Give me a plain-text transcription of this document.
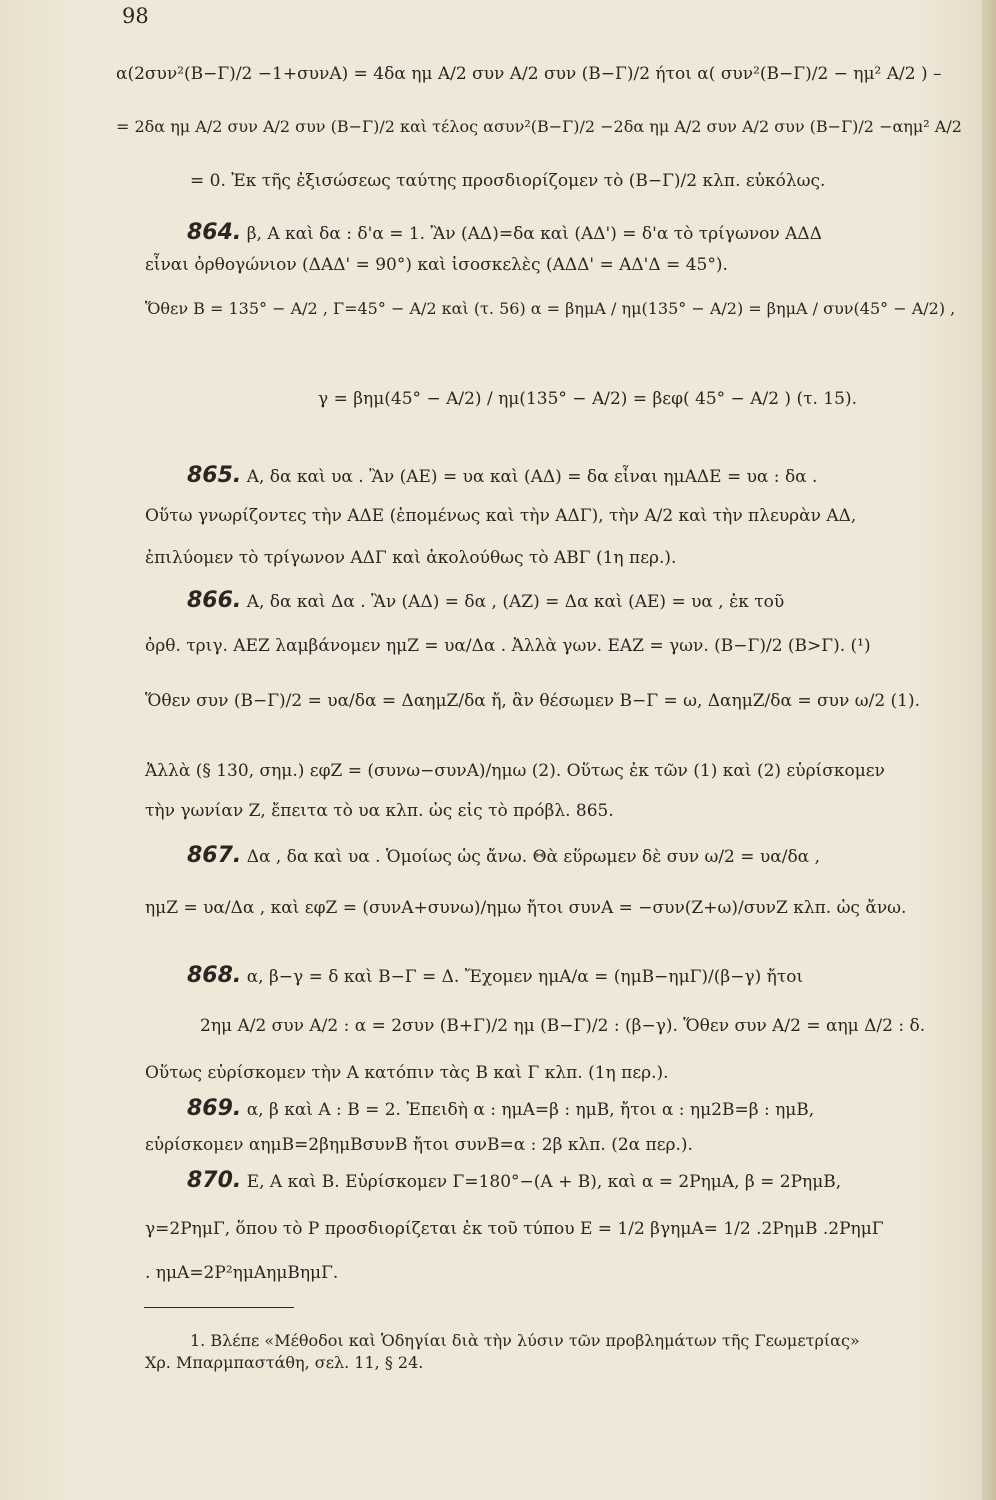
98
α(2συν²(Β−Γ)/2 −1+συνΑ) = 4δα ημ Α/2 συν Α/2 συν (Β−Γ)/2 ήτοι α( συν²(Β−Γ)/2 − ημ² Α/2 ) –
= 2δα ημ Α/2 συν Α/2 συν (Β−Γ)/2 καὶ τέλος ασυν²(Β−Γ)/2 −2δα ημ Α/2 συν Α/2 συν (Β−Γ)/2 −αημ² Α/2
= 0. Ἐκ τῆς ἐξισώσεως ταύτης προσδιορίζομεν τὸ (Β−Γ)/2 κλπ. εὐκόλως.
864. β, Α καὶ δα : δ'α = 1. Ἂν (ΑΔ)=δα καὶ (ΑΔ') = δ'α τὸ τρίγωνον ΑΔΔ
εἶναι ὀρθογώνιον (ΔΑΔ' = 90°) καὶ ἰσοσκελὲς (ΑΔΔ' = ΑΔ'Δ = 45°).
Ὅθεν Β = 135° − Α/2 , Γ=45° − Α/2 καὶ (τ. 56) α = βημΑ / ημ(135° − Α/2) = βημΑ / συν(45° − Α/2) ,
γ = βημ(45° − Α/2) / ημ(135° − Α/2) = βεφ( 45° − Α/2 ) (τ. 15).
865. Α, δα καὶ υα . Ἂν (ΑΕ) = υα καὶ (ΑΔ) = δα εἶναι ημΑΔΕ = υα : δα .
Οὕτω γνωρίζοντες τὴν ΑΔΕ (ἑπομένως καὶ τὴν ΑΔΓ), τὴν Α/2 καὶ τὴν πλευρὰν ΑΔ,
ἐπιλύομεν τὸ τρίγωνον ΑΔΓ καὶ ἀκολούθως τὸ ΑΒΓ (1η περ.).
866. Α, δα καὶ Δα . Ἂν (ΑΔ) = δα , (ΑΖ) = Δα καὶ (ΑΕ) = υα , ἐκ τοῦ
ὀρθ. τριγ. ΑΕΖ λαμβάνομεν ημΖ = υα/Δα . Ἀλλὰ γων. ΕΑΖ = γων. (Β−Γ)/2 (Β>Γ). (¹)
Ὅθεν συν (Β−Γ)/2 = υα/δα = ΔαημΖ/δα ἤ, ἂν θέσωμεν Β−Γ = ω, ΔαημΖ/δα = συν ω/2 (1).
Ἀλλὰ (§ 130, σημ.) εφΖ = (συνω−συνΑ)/ημω (2). Οὕτως ἐκ τῶν (1) καὶ (2) εὑρίσκομεν
τὴν γωνίαν Ζ, ἔπειτα τὸ υα κλπ. ὡς εἰς τὸ πρόβλ. 865.
867. Δα , δα καὶ υα . Ὁμοίως ὡς ἄνω. Θὰ εὕρωμεν δὲ συν ω/2 = υα/δα ,
ημΖ = υα/Δα , καὶ εφΖ = (συνΑ+συνω)/ημω ἤτοι συνΑ = −συν(Ζ+ω)/συνΖ κλπ. ὡς ἄνω.
868. α, β−γ = δ καὶ Β−Γ = Δ. Ἔχομεν ημΑ/α = (ημΒ−ημΓ)/(β−γ) ἤτοι
2ημ Α/2 συν Α/2 : α = 2συν (Β+Γ)/2 ημ (Β−Γ)/2 : (β−γ). Ὅθεν συν Α/2 = αημ Δ/2 : δ.
Οὕτως εὑρίσκομεν τὴν Α κατόπιν τὰς Β καὶ Γ κλπ. (1η περ.).
869. α, β καὶ Α : Β = 2. Ἐπειδὴ α : ημΑ=β : ημΒ, ἤτοι α : ημ2Β=β : ημΒ,
εὑρίσκομεν αημΒ=2βημΒσυνΒ ἤτοι συνΒ=α : 2β κλπ. (2α περ.).
870. Ε, Α καὶ Β. Εὑρίσκομεν Γ=180°−(Α + Β), καὶ α = 2ΡημΑ, β = 2ΡημΒ,
γ=2ΡημΓ, ὅπου τὸ Ρ προσδιορίζεται ἐκ τοῦ τύπου Ε = 1/2 βγημΑ= 1/2 .2ΡημΒ .2ΡημΓ
. ημΑ=2Ρ²ημΑημΒημΓ.
1. Βλέπε «Μέθοδοι καὶ Ὁδηγίαι διὰ τὴν λύσιν τῶν προβλημάτων τῆς Γεωμετρίας»
Χρ. Μπαρμπαστάθη, σελ. 11, § 24.
